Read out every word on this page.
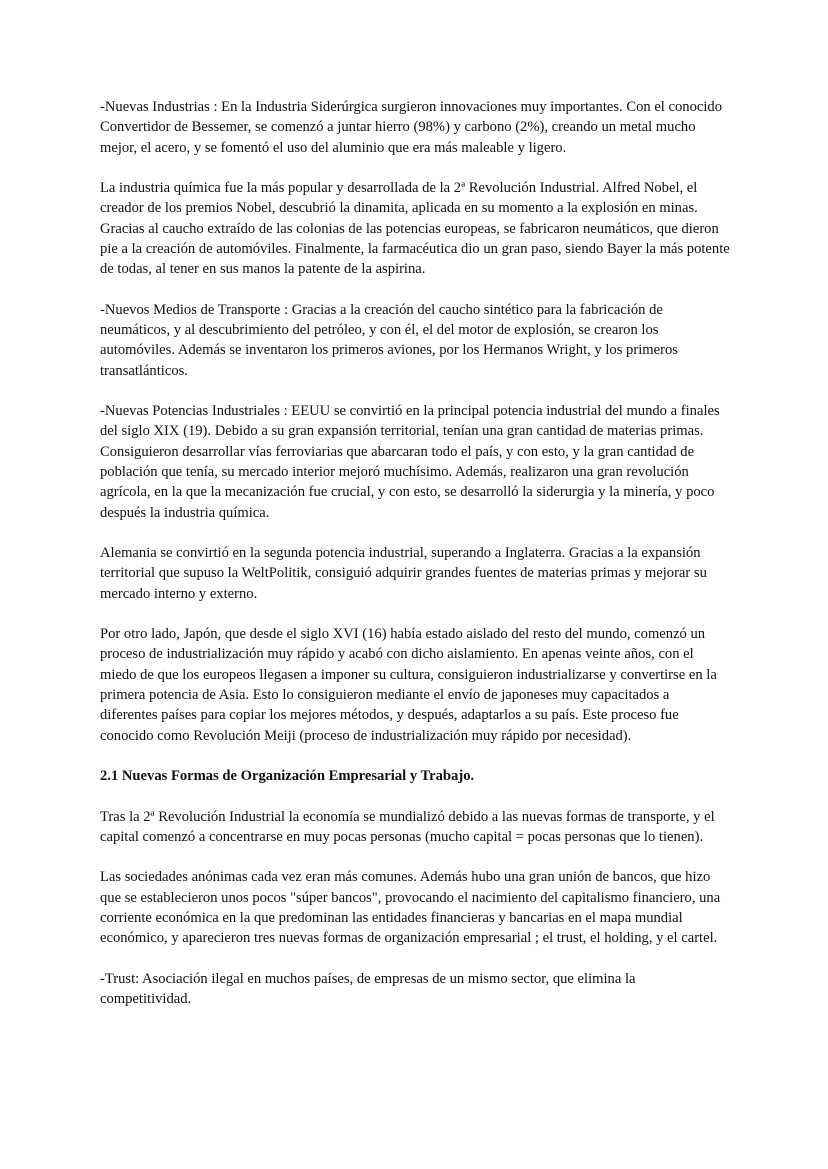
-Nuevas Industrias : En la Industria Siderúrgica surgieron innovaciones muy importantes. Con el conocido Convertidor de Bessemer, se comenzó a juntar hierro (98%) y carbono (2%), creando un metal mucho mejor, el acero, y se fomentó el uso del aluminio que era más maleable y ligero.

La industria química fue la más popular y desarrollada de la 2ª Revolución Industrial. Alfred Nobel, el creador de los premios Nobel, descubrió la dinamita, aplicada en su momento a la explosión en minas. Gracias al caucho extraído de las colonias de las potencias europeas, se fabricaron neumáticos, que dieron pie a la creación de automóviles. Finalmente, la farmacéutica dio un gran paso, siendo Bayer la más potente de todas, al tener en sus manos la patente de la aspirina.

-Nuevos Medios de Transporte : Gracias a la creación del caucho sintético para la fabricación de neumáticos, y al descubrimiento del petróleo, y con él, el del motor de explosión, se crearon los automóviles. Además se inventaron los primeros aviones, por los Hermanos Wright, y los primeros transatlánticos.

-Nuevas Potencias Industriales : EEUU se convirtió en la principal potencia industrial del mundo a finales del siglo XIX (19). Debido a su gran expansión territorial, tenían una gran cantidad de materias primas. Consiguieron desarrollar vías ferroviarias que abarcaran todo el país, y con esto, y la gran cantidad de población que tenía, su mercado interior mejoró muchísimo. Además, realizaron una gran revolución agrícola, en la que la mecanización fue crucial, y con esto, se desarrolló la siderurgia y la minería, y poco después la industria química.

Alemania se convirtió en la segunda potencia industrial, superando a Inglaterra. Gracias a la expansión territorial que supuso la WeltPolitik, consiguió adquirir grandes fuentes de materias primas y mejorar su mercado interno y externo.

Por otro lado, Japón, que desde el siglo XVI (16) había estado aislado del resto del mundo, comenzó un proceso de industrialización muy rápido y acabó con dicho aislamiento. En apenas veinte años, con el miedo de que los europeos llegasen a imponer su cultura, consiguieron industrializarse y convertirse en la primera potencia de Asia. Esto lo consiguieron mediante el envío de japoneses muy capacitados a diferentes países para copiar los mejores métodos, y después, adaptarlos a su país. Este proceso fue conocido como Revolución Meiji (proceso de industrialización muy rápido por necesidad).

2.1 Nuevas Formas de Organización Empresarial y Trabajo.

Tras la 2ª Revolución Industrial la economía se mundializó debido a las nuevas formas de transporte, y el capital comenzó a concentrarse en muy pocas personas (mucho capital = pocas personas que lo tienen).

Las sociedades anónimas cada vez eran más comunes. Además hubo una gran unión de bancos, que hizo que se establecieron unos pocos "súper bancos", provocando el nacimiento del capitalismo financiero, una corriente económica en la que predominan las entidades financieras y bancarias en el mapa mundial económico, y aparecieron tres nuevas formas de organización empresarial ; el trust, el holding, y el cartel.

-Trust: Asociación ilegal en muchos países, de empresas de un mismo sector, que elimina la competitividad.
